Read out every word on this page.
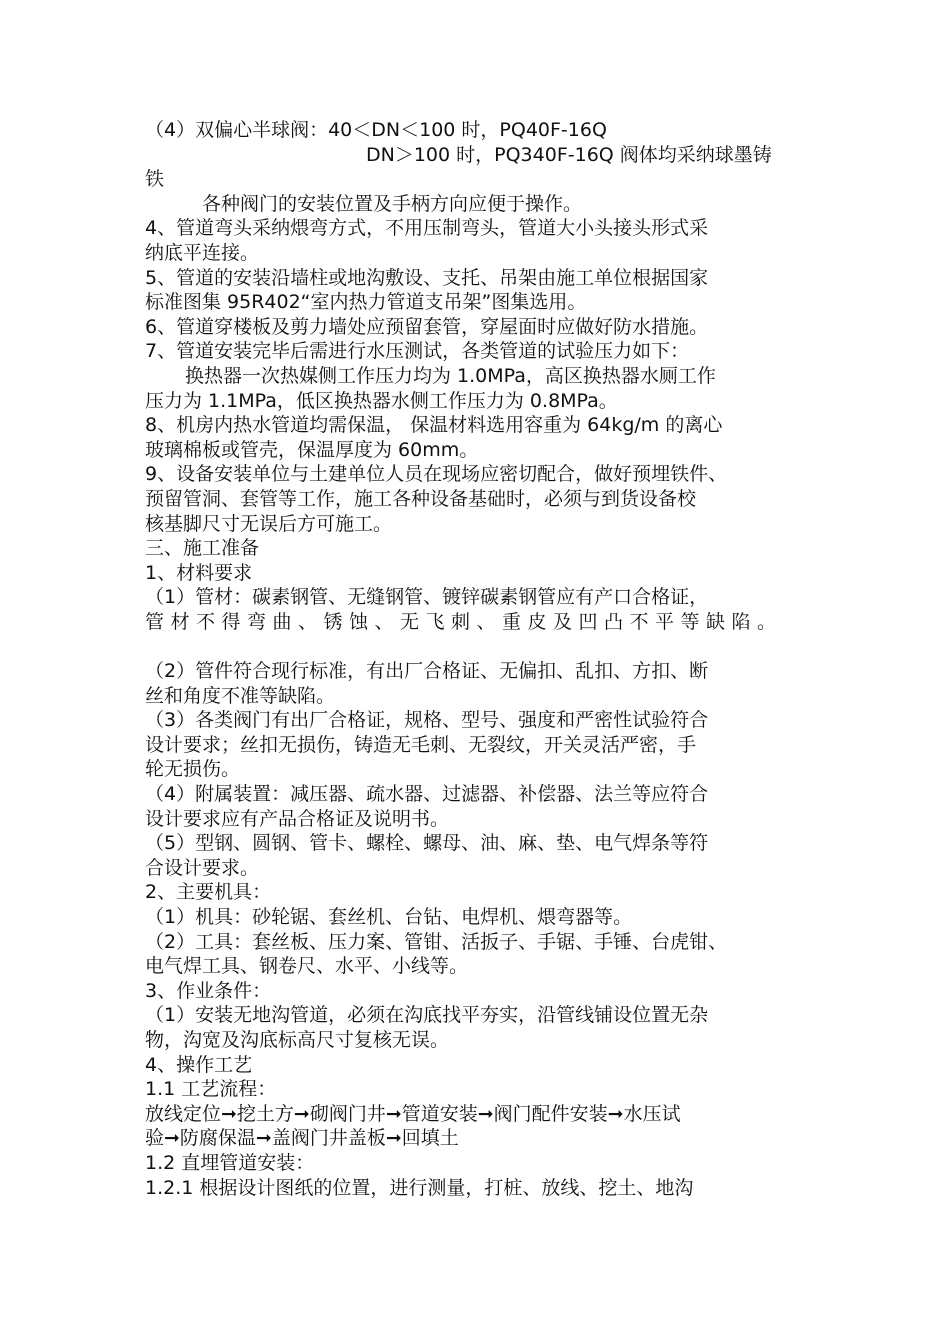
（4）双偏心半球阀：40＜DN＜100 时，PQ40F-16Q
DN＞100 时，PQ340F-16Q 阀体均采纳球墨铸
铁
各种阀门的安装位置及手柄方向应便于操作。
4、管道弯头采纳煨弯方式，不用压制弯头，管道大小头接头形式采
纳底平连接。
5、管道的安装沿墙柱或地沟敷设、支托、吊架由施工单位根据国家
标准图集 95R402“室内热力管道支吊架”图集选用。
6、管道穿楼板及剪力墙处应预留套管，穿屋面时应做好防水措施。
7、管道安装完毕后需进行水压测试，各类管道的试验压力如下：
换热器一次热媒侧工作压力均为 1.0MPa，高区换热器水厕工作
压力为 1.1MPa，低区换热器水侧工作压力为 0.8MPa。
8、机房内热水管道均需保温， 保温材料选用容重为 64kg/m 的离心
玻璃棉板或管壳，保温厚度为 60mm。
9、设备安装单位与土建单位人员在现场应密切配合，做好预埋铁件、
预留管洞、套管等工作，施工各种设备基础时，必须与到货设备校
核基脚尺寸无误后方可施工。
三、施工准备
1、材料要求
（1）管材：碳素钢管、无缝钢管、镀锌碳素钢管应有产口合格证，
管材不得弯曲、锈蚀、无飞刺、重皮及凹凸不平等缺陷。
（2）管件符合现行标准，有出厂合格证、无偏扣、乱扣、方扣、断
丝和角度不准等缺陷。
（3）各类阀门有出厂合格证，规格、型号、强度和严密性试验符合
设计要求；丝扣无损伤，铸造无毛刺、无裂纹，开关灵活严密，手
轮无损伤。
（4）附属装置：减压器、疏水器、过滤器、补偿器、法兰等应符合
设计要求应有产品合格证及说明书。
（5）型钢、圆钢、管卡、螺栓、螺母、油、麻、垫、电气焊条等符
合设计要求。
2、主要机具：
（1）机具：砂轮锯、套丝机、台钻、电焊机、煨弯器等。
（2）工具：套丝板、压力案、管钳、活扳子、手锯、手锤、台虎钳、
电气焊工具、钢卷尺、水平、小线等。
3、作业条件：
（1）安装无地沟管道，必须在沟底找平夯实，沿管线铺设位置无杂
物，沟宽及沟底标高尺寸复核无误。
4、操作工艺
1.1 工艺流程：
放线定位➞挖土方➞砌阀门井➞管道安装➞阀门配件安装➞水压试
验➞防腐保温➞盖阀门井盖板➞回填土
1.2 直埋管道安装：
1.2.1 根据设计图纸的位置，进行测量，打桩、放线、挖土、地沟
